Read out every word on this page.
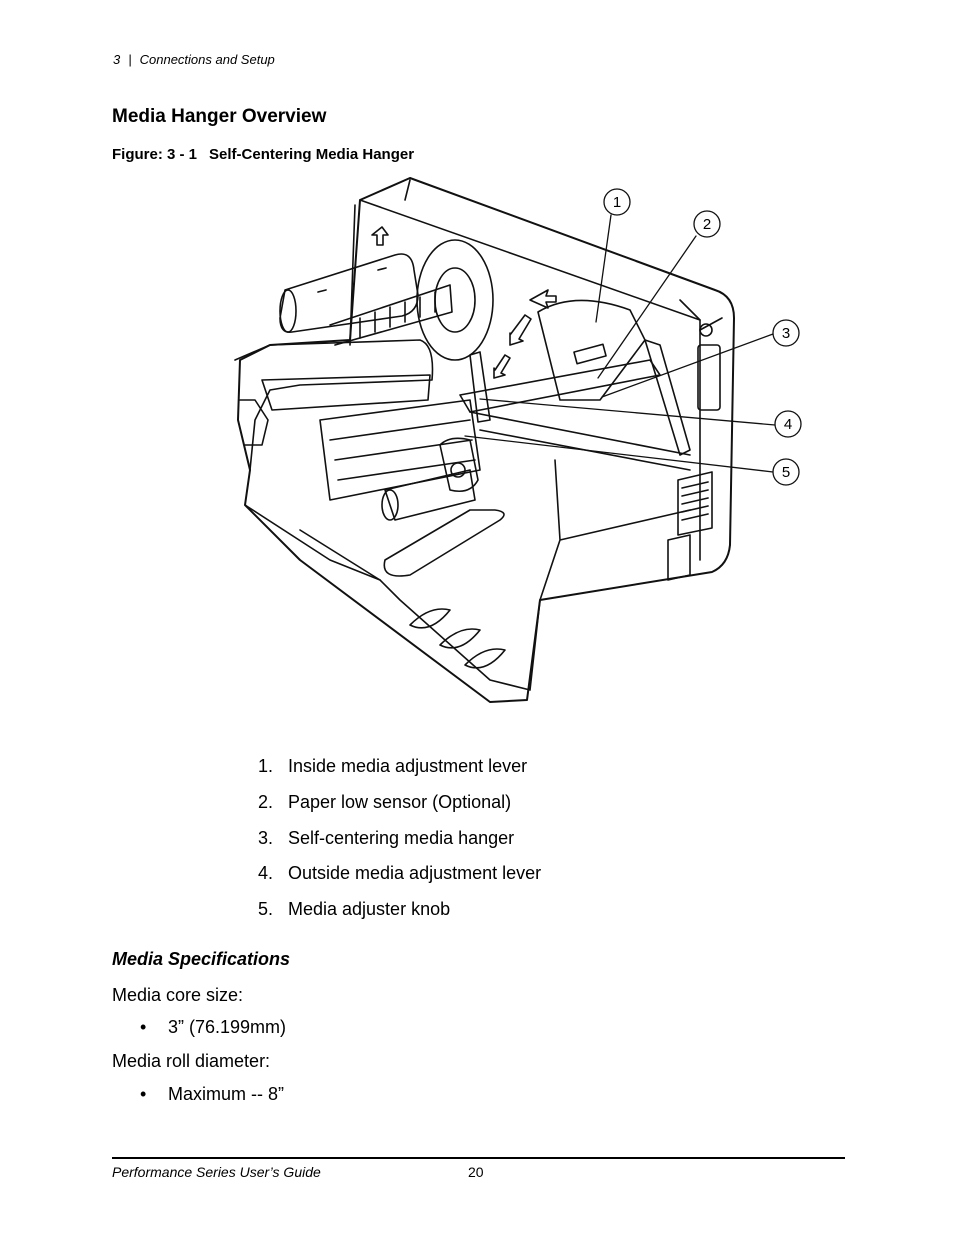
3 | Connections and Setup
Media Hanger Overview
Figure: 3 - 1 Self-Centering Media Hanger
1
2
3
4
5
1. Inside media adjustment lever
2. Paper low sensor (Optional)
3. Self-centering media hanger
4. Outside media adjustment lever
5. Media adjuster knob
Media Specifications
Media core size:
• 3” (76.199mm)
Media roll diameter:
• Maximum -- 8”
Performance Series User’s Guide	20
